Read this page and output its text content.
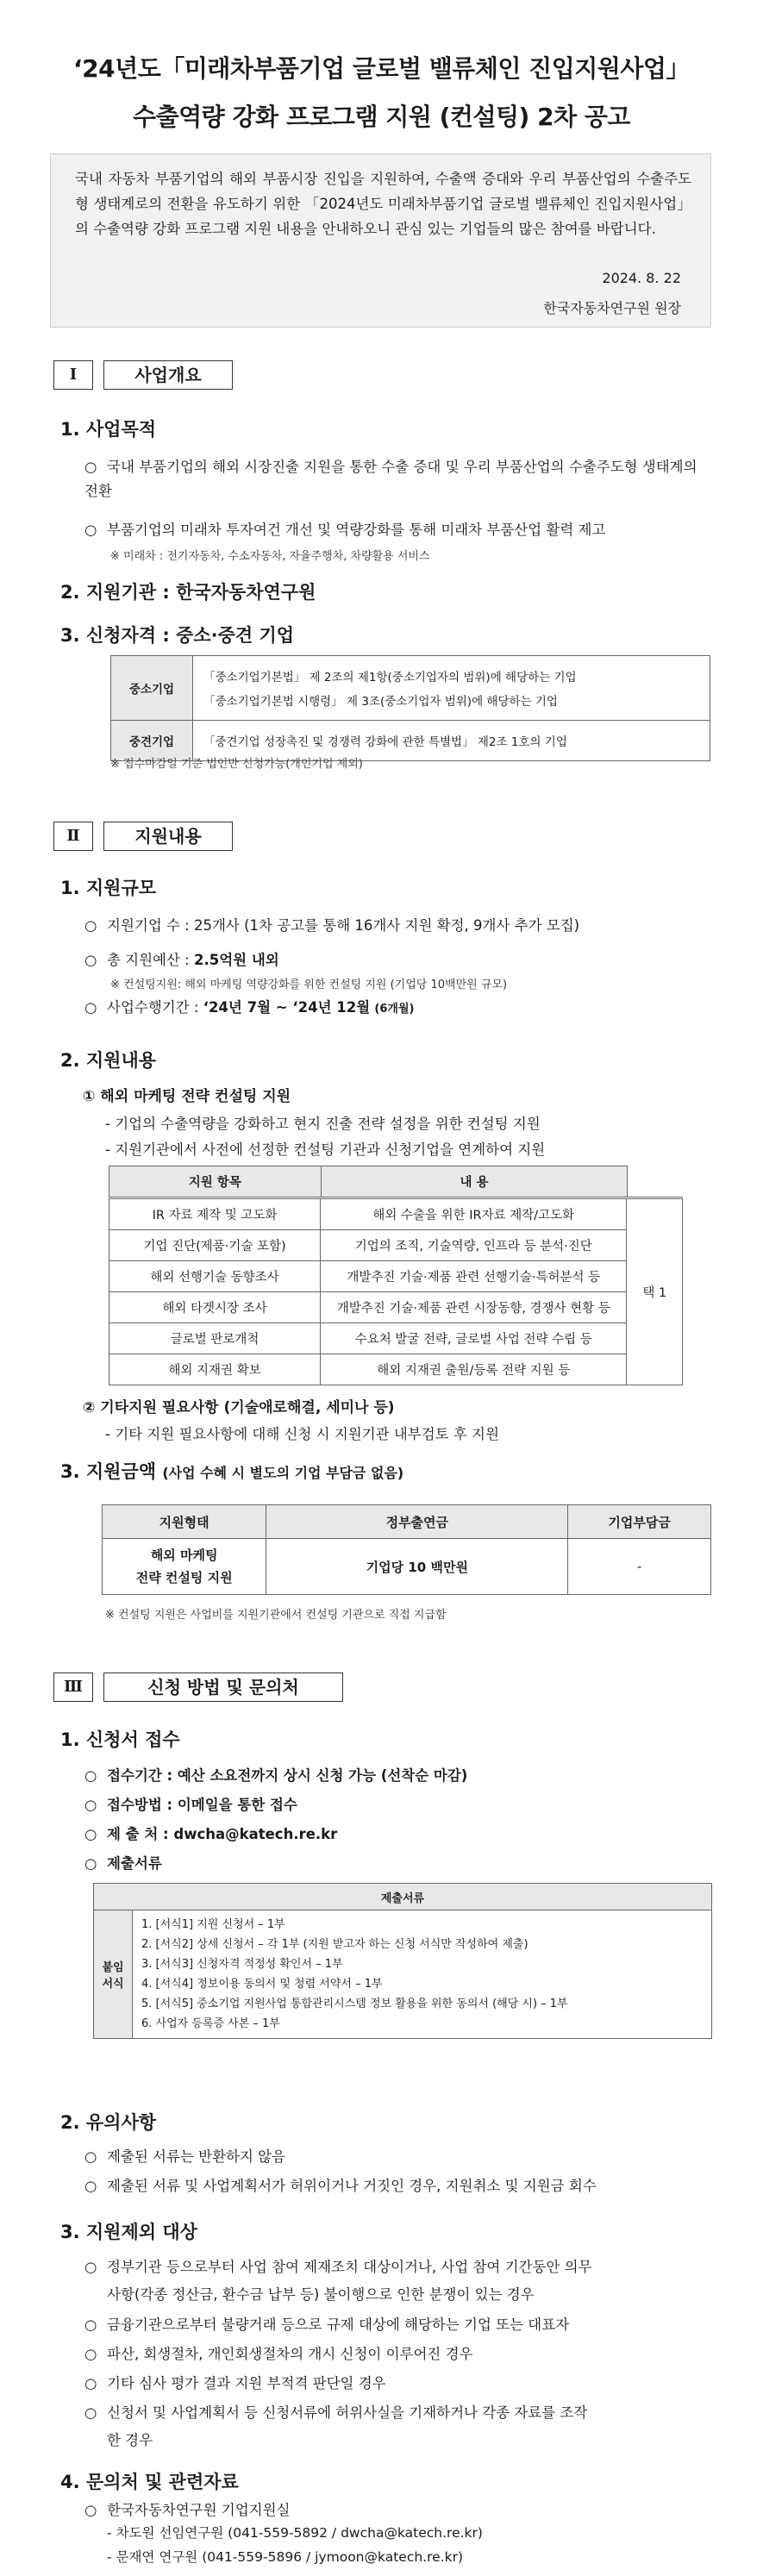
‘24년도「미래차부품기업 글로벌 밸류체인 진입지원사업」
수출역량 강화 프로그램 지원 (컨설팅) 2차 공고
국내 자동차 부품기업의 해외 부품시장 진입을 지원하여, 수출액 증대와 우리 부품산업의 수출주도형 생태계로의 전환을 유도하기 위한 「2024년도 미래차부품기업 글로벌 밸류체인 진입지원사업」의 수출역량 강화 프로그램 지원 내용을 안내하오니 관심 있는 기업들의 많은 참여를 바랍니다.
2024. 8. 22
한국자동차연구원 원장
Ⅰ	사업개요
1. 사업목적
○ 국내 부품기업의 해외 시장진출 지원을 통한 수출 증대 및 우리 부품산업의 수출주도형 생태계의 전환
○ 부품기업의 미래차 투자여건 개선 및 역량강화를 통해 미래차 부품산업 활력 제고
※ 미래차 : 전기자동차, 수소자동차, 자율주행차, 차량활용 서비스
2. 지원기관 : 한국자동차연구원
3. 신청자격 : 중소·중견 기업
중소기업	「중소기업기본법」 제 2조의 제1항(중소기업자의 범위)에 해당하는 기업
「중소기업기본법 시행령」 제 3조(중소기업자 범위)에 해당하는 기업

중견기업	「중견기업 성장촉진 및 경쟁력 강화에 관한 특별법」 제2조 1호의 기업
※ 접수마감일 기준 법인만 신청가능(개인기업 제외)
Ⅱ	지원내용
1. 지원규모
○ 지원기업 수 : 25개사 (1차 공고를 통해 16개사 지원 확정, 9개사 추가 모집)
○ 총 지원예산 : 2.5억원 내외
※ 컨설팅지원: 해외 마케팅 역량강화를 위한 컨설팅 지원 (기업당 10백만원 규모)
○ 사업수행기간 : ‘24년 7월 ~ ‘24년 12월 (6개월)
2. 지원내용
① 해외 마케팅 전략 컨설팅 지원
- 기업의 수출역량을 강화하고 현지 진출 전략 설정을 위한 컨설팅 지원
- 지원기관에서 사전에 선정한 컨설팅 기관과 신청기업을 연계하여 지원
지원 항목	내 용	
IR 자료 제작 및 고도화	해외 수출을 위한 IR자료 제작/고도화	택 1
기업 진단(제품·기술 포함)	기업의 조직, 기술역량, 인프라 등 분석·진단	
해외 선행기술 동향조사	개발추진 기술·제품 관련 선행기술·특허분석 등	
해외 타겟시장 조사	개발추진 기술·제품 관련 시장동향, 경쟁사 현황 등	
글로벌 판로개척	수요처 발굴 전략, 글로벌 사업 전략 수립 등	
해외 지재권 확보	해외 지재권 출원/등록 전략 지원 등	
② 기타지원 필요사항 (기술애로해결, 세미나 등)
- 기타 지원 필요사항에 대해 신청 시 지원기관 내부검토 후 지원
3. 지원금액 (사업 수혜 시 별도의 기업 부담금 없음)
지원형태	정부출연금	기업부담금

해외 마케팅
전략 컨설팅 지원	기업당 10 백만원	-
※ 컨설팅 지원은 사업비를 지원기관에서 컨설팅 기관으로 직접 지급함
Ⅲ	신청 방법 및 문의처
1. 신청서 접수
○ 접수기간 : 예산 소요전까지 상시 신청 가능 (선착순 마감)
○ 접수방법 : 이메일을 통한 접수
○ 제 출 처 : dwcha@katech.re.kr
○ 제출서류
제출서류

붙임
서식

1. [서식1] 지원 신청서 – 1부
2. [서식2] 상세 신청서 – 각 1부 (지원 받고자 하는 신청 서식만 작성하여 제출)
3. [서식3] 신청자격 적정성 확인서 – 1부
4. [서식4] 정보이용 동의서 및 청렴 서약서 – 1부
5. [서식5] 중소기업 지원사업 통합관리시스템 정보 활용을 위한 동의서 (해당 시) – 1부
6. 사업자 등록증 사본 – 1부
2. 유의사항
○ 제출된 서류는 반환하지 않음
○ 제출된 서류 및 사업계획서가 허위이거나 거짓인 경우, 지원취소 및 지원금 회수
3. 지원제외 대상
○ 정부기관 등으로부터 사업 참여 제재조치 대상이거나, 사업 참여 기간동안 의무
사항(각종 정산금, 환수금 납부 등) 불이행으로 인한 분쟁이 있는 경우
○ 금융기관으로부터 불량거래 등으로 규제 대상에 해당하는 기업 또는 대표자
○ 파산, 회생절차, 개인회생절차의 개시 신청이 이루어진 경우
○ 기타 심사 평가 결과 지원 부적격 판단일 경우
○ 신청서 및 사업계획서 등 신청서류에 허위사실을 기재하거나 각종 자료를 조작
한 경우
4. 문의처 및 관련자료
○ 한국자동차연구원 기업지원실
- 차도원 선임연구원 (041-559-5892 / dwcha@katech.re.kr)
- 문재연 연구원 (041-559-5896 / jymoon@katech.re.kr)
